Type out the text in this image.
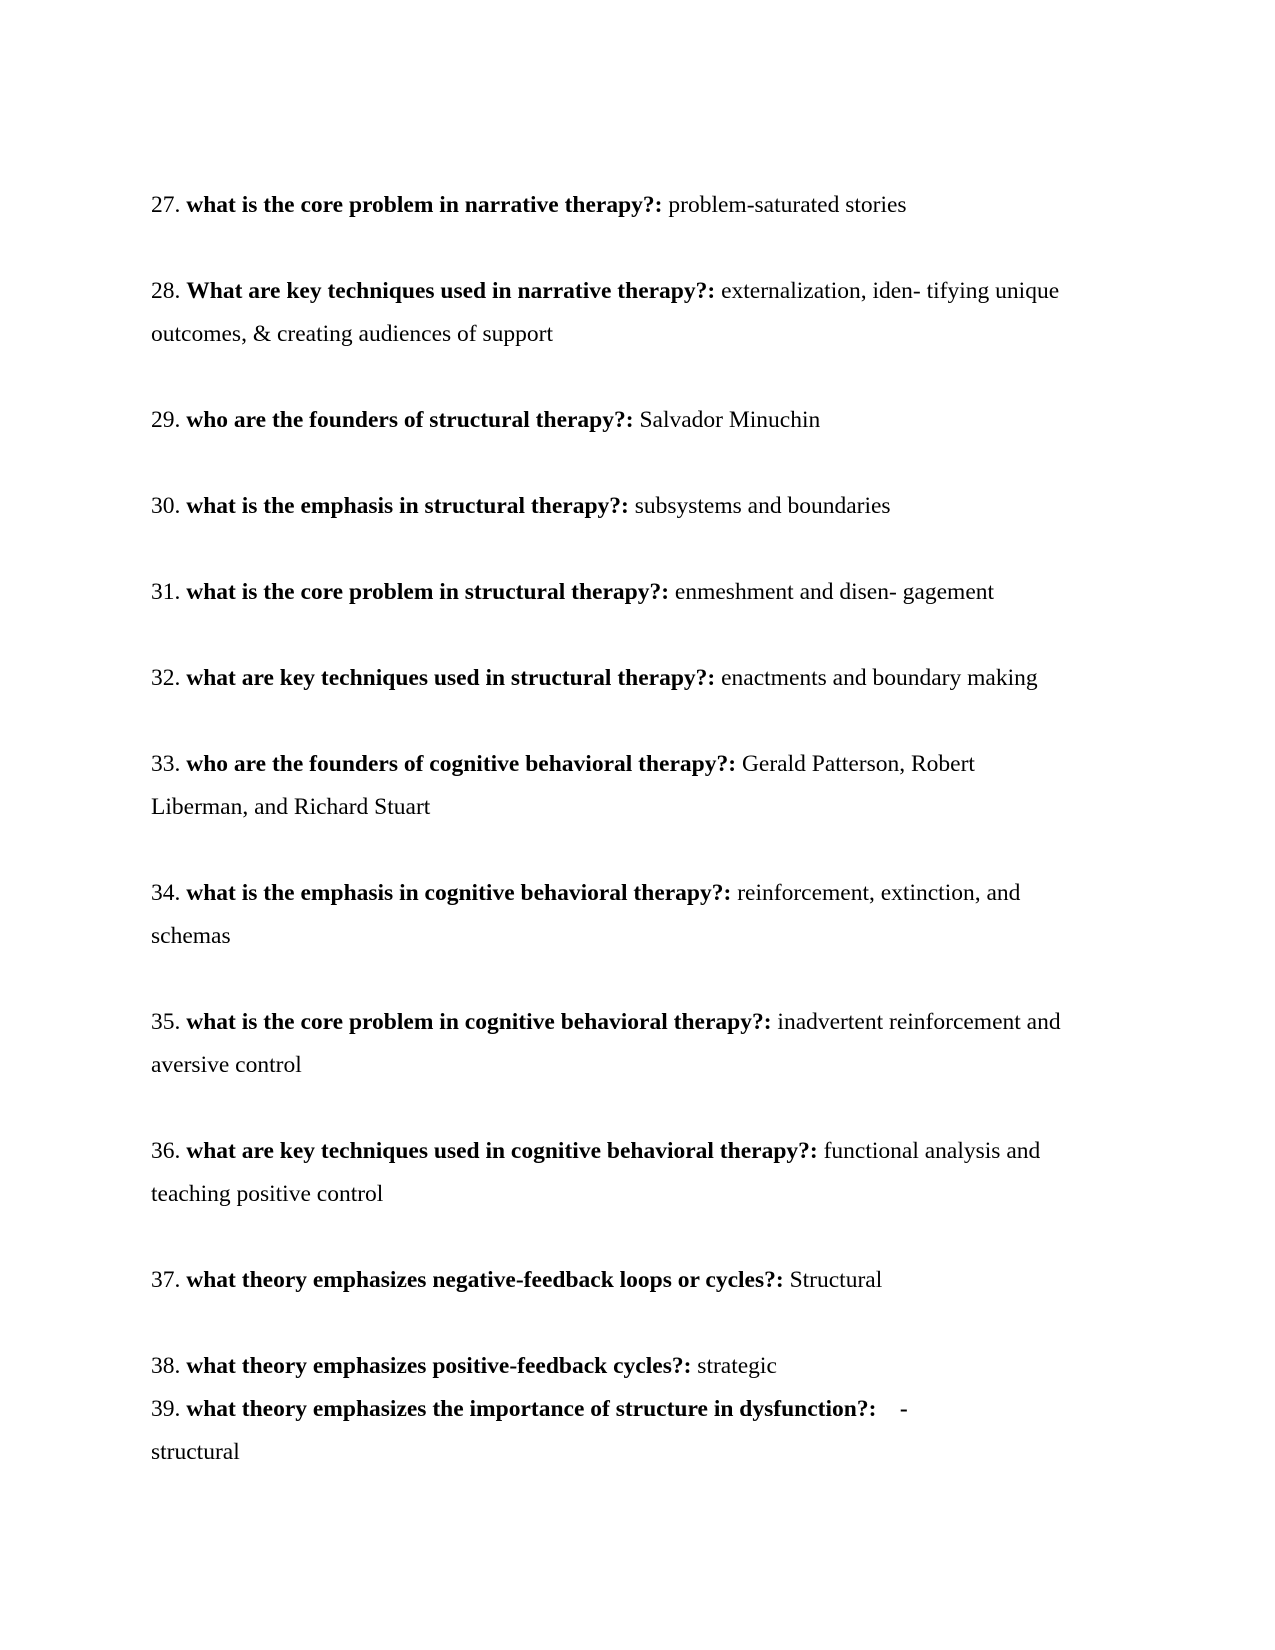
27. what is the core problem in narrative therapy?: problem-saturated stories
28. What are key techniques used in narrative therapy?: externalization, iden- tifying unique
outcomes, & creating audiences of support
29. who are the founders of structural therapy?: Salvador Minuchin
30. what is the emphasis in structural therapy?: subsystems and boundaries
31. what is the core problem in structural therapy?: enmeshment and disen- gagement
32. what are key techniques used in structural therapy?: enactments and boundary making
33. who are the founders of cognitive behavioral therapy?: Gerald Patterson, Robert
Liberman, and Richard Stuart
34. what is the emphasis in cognitive behavioral therapy?: reinforcement, extinction, and
schemas
35. what is the core problem in cognitive behavioral therapy?: inadvertent reinforcement and
aversive control
36. what are key techniques used in cognitive behavioral therapy?: functional analysis and
teaching positive control
37. what theory emphasizes negative-feedback loops or cycles?: Structural
38. what theory emphasizes positive-feedback cycles?: strategic
39. what theory emphasizes the importance of structure in dysfunction?:    -
structural
